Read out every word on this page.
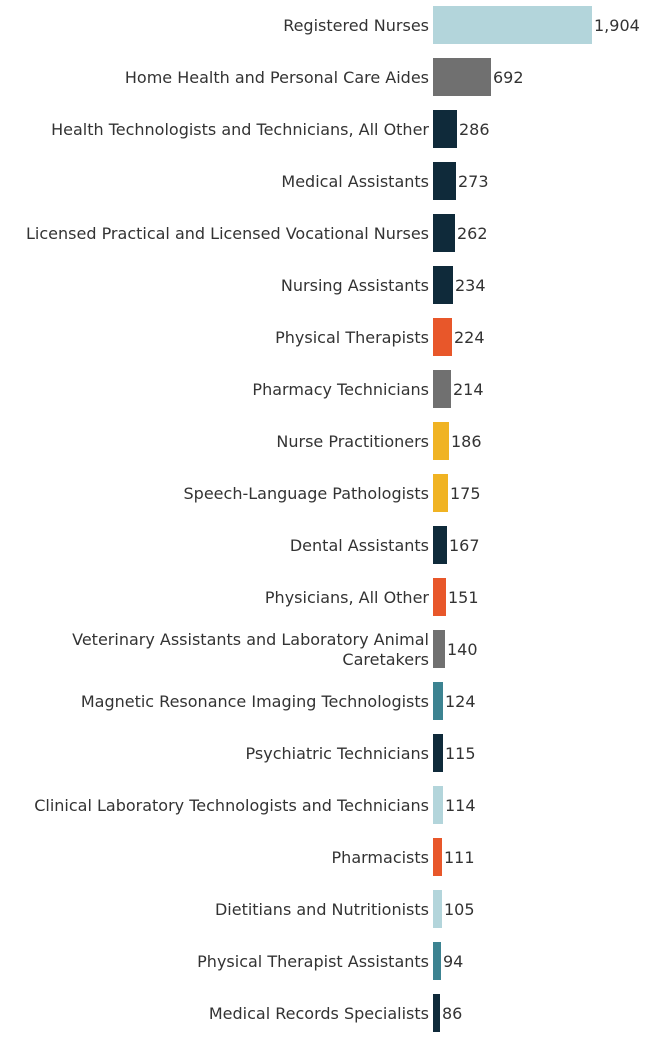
Registered Nurses
Home Health and Personal Care Aides
Health Technologists and Technicians, All Other
Medical Assistants
Licensed Practical and Licensed Vocational Nurses
Nursing Assistants
Physical Therapists
Pharmacy Technicians
Nurse Practitioners
Speech-Language Pathologists
Dental Assistants
Physicians, All Other
Veterinary Assistants and Laboratory Animal Caretakers
Magnetic Resonance Imaging Technologists
Psychiatric Technicians
Clinical Laboratory Technologists and Technicians
Pharmacists
Dietitians and Nutritionists
Physical Therapist Assistants
Medical Records Specialists
1,904
692
286
273
262
234
224
214
186
175
167
151
140
124
115
114
111
105
94
86
